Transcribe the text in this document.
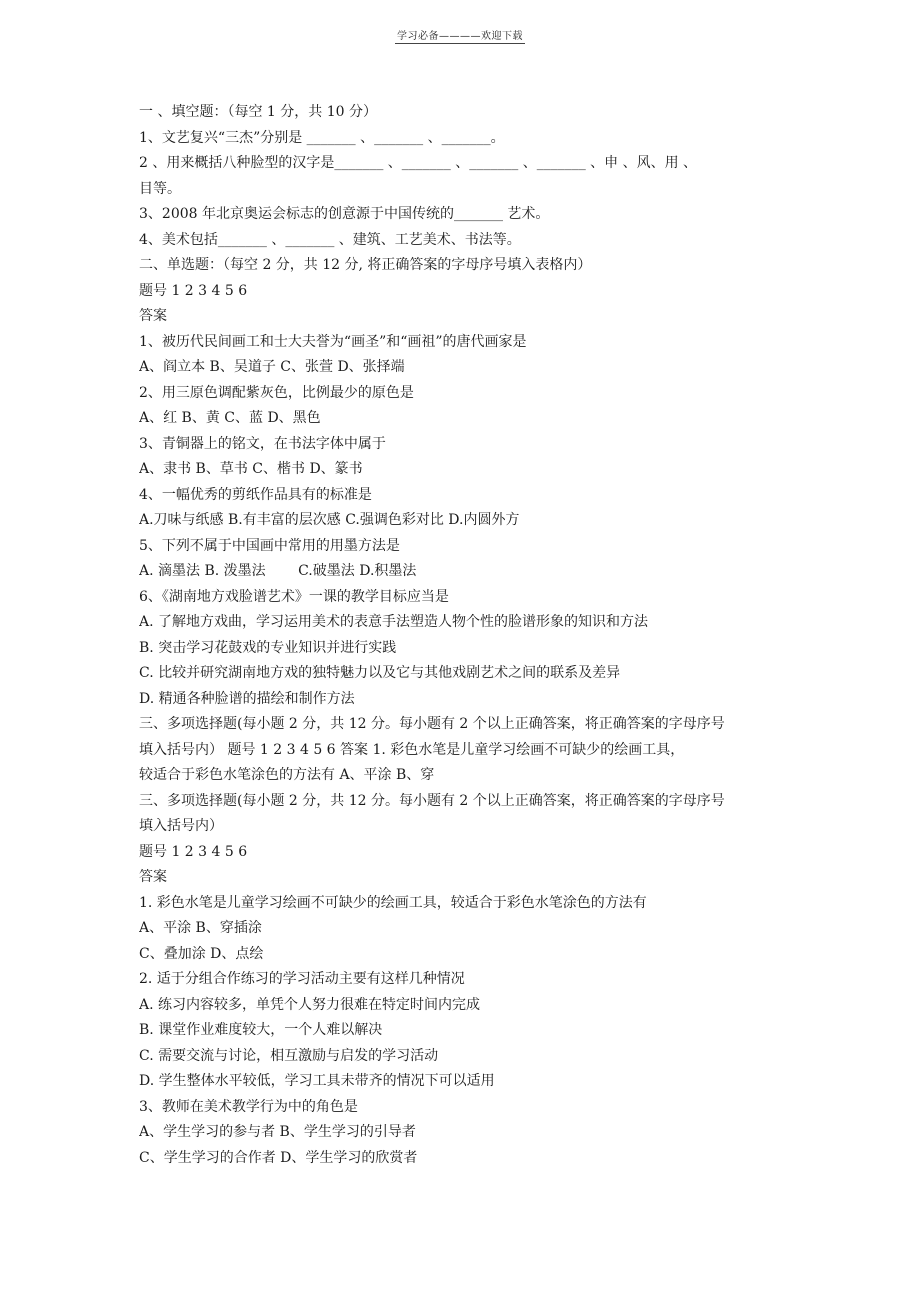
学习必备————欢迎下载
一 、填空题：（每空 1 分，共 10 分）
1、文艺复兴“三杰”分别是 _______ 、_______ 、_______。
2 、用来概括八种脸型的汉字是_______ 、_______ 、_______ 、_______ 、申 、风、用 、
目等。
3、2008 年北京奥运会标志的创意源于中国传统的_______ 艺术。
4、美术包括_______ 、_______ 、建筑、工艺美术、书法等。
二、单选题：（每空 2 分，共 12 分, 将正确答案的字母序号填入表格内）
题号 1 2 3 4 5 6
答案
1、被历代民间画工和士大夫誉为“画圣”和“画祖”的唐代画家是
A、阎立本 B、吴道子 C、张萱 D、张择端
2、用三原色调配紫灰色，比例最少的原色是
A、红 B、黄 C、蓝 D、黑色
3、青铜器上的铭文，在书法字体中属于
A、隶书 B、草书 C、楷书 D、篆书
4、一幅优秀的剪纸作品具有的标准是
A.刀味与纸感 B.有丰富的层次感 C.强调色彩对比 D.内圆外方
5、下列不属于中国画中常用的用墨方法是
A. 滴墨法 B. 泼墨法 　　C.破墨法 D.积墨法
6、《湖南地方戏脸谱艺术》一课的教学目标应当是
A. 了解地方戏曲，学习运用美术的表意手法塑造人物个性的脸谱形象的知识和方法
B. 突击学习花鼓戏的专业知识并进行实践
C. 比较并研究湖南地方戏的独特魅力以及它与其他戏剧艺术之间的联系及差异
D. 精通各种脸谱的描绘和制作方法
三、多项选择题(每小题 2 分，共 12 分。每小题有 2 个以上正确答案，将正确答案的字母序号
填入括号内） 题号 1 2 3 4 5 6 答案 1. 彩色水笔是儿童学习绘画不可缺少的绘画工具，
较适合于彩色水笔涂色的方法有 A、平涂 B、穿
三、多项选择题(每小题 2 分，共 12 分。每小题有 2 个以上正确答案，将正确答案的字母序号
填入括号内）
题号 1 2 3 4 5 6
答案
1. 彩色水笔是儿童学习绘画不可缺少的绘画工具，较适合于彩色水笔涂色的方法有
A、平涂 B、穿插涂
C、叠加涂 D、点绘
2. 适于分组合作练习的学习活动主要有这样几种情况
A. 练习内容较多，单凭个人努力很难在特定时间内完成
B. 课堂作业难度较大，一个人难以解决
C. 需要交流与讨论，相互激励与启发的学习活动
D. 学生整体水平较低，学习工具未带齐的情况下可以适用
3、教师在美术教学行为中的角色是
A、学生学习的参与者 B、学生学习的引导者
C、学生学习的合作者 D、学生学习的欣赏者
